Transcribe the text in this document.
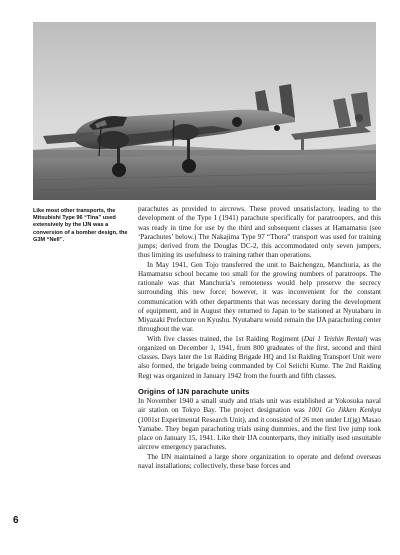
Like most other transports, the Mitsubishi Type 96 “Tina” used extensively by the IJN was a conversion of a bomber design, the G3M “Nell”.

parachutes as provided to aircrews. These proved unsatisfactory, leading to the development of the Type I (1941) parachute specifically for paratroopers, and this was ready in time for use by the third and subsequent classes at Hamamatsu (see ‘Parachutes’ below.) The Nakajima Type 97 “Thora” transport was used for training jumps; derived from the Douglas DC-2, this accommodated only seven jumpers, thus limiting its usefulness to training rather than operations.

In May 1941, Gen Tojo transferred the unit to Baichengzu, Manchuria, as the Hamamatsu school became too small for the growing numbers of paratroops. The rationale was that Manchuria’s remoteness would help preserve the secrecy surrounding this new force; however, it was inconvenient for the constant communication with other departments that was necessary during the development of equipment, and in August they returned to Japan to be stationed at Nyutabaru in Miyazaki Prefecture on Kyushu. Nyutabaru would remain the IJA parachuting center throughout the war.

With five classes trained, the 1st Raiding Regiment (Dai 1 Teishin Rentai) was organized on December 1, 1941, from 800 graduates of the first, second and third classes. Days later the 1st Raiding Brigade HQ and 1st Raiding Transport Unit were also formed, the brigade being commanded by Col Seiichi Kume. The 2nd Raiding Regt was organized in January 1942 from the fourth and fifth classes.

Origins of IJN parachute units

In November 1940 a small study and trials unit was established at Yokosuka naval air station on Tokyo Bay. The project designation was 1001 Go Jikken Kenkyu (1001st Experimental Research Unit), and it consisted of 26 men under Lt(jg) Masao Yamabe. They began parachuting trials using dummies, and the first live jump took place on January 15, 1941. Like their IJA counterparts, they initially used unsuitable aircrew emergency parachutes.

The IJN maintained a large shore organization to operate and defend overseas naval installations; collectively, these base forces and

6
